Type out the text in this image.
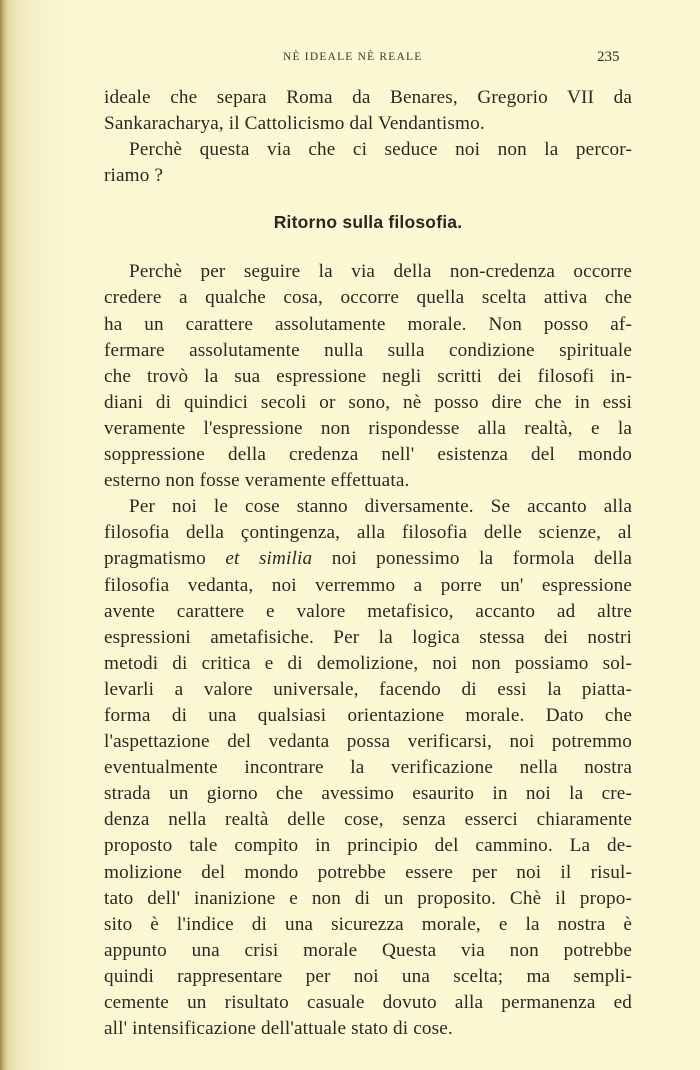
NÈ IDEALE NÈ REALE	235
ideale che separa Roma da Benares, Gregorio VII da
Sankaracharya, il Cattolicismo dal Vendantismo.
Perchè questa via che ci seduce noi non la percor-
riamo ?
Ritorno sulla filosofia.
Perchè per seguire la via della non-credenza occorre
credere a qualche cosa, occorre quella scelta attiva che
ha un carattere assolutamente morale. Non posso af-
fermare assolutamente nulla sulla condizione spirituale
che trovò la sua espressione negli scritti dei filosofi in-
diani di quindici secoli or sono, nè posso dire che in essi
veramente l'espressione non rispondesse alla realtà, e la
soppressione della credenza nell' esistenza del mondo
esterno non fosse veramente effettuata.
Per noi le cose stanno diversamente. Se accanto alla
filosofia della çontingenza, alla filosofia delle scienze, al
pragmatismo et similia noi ponessimo la formola della
filosofia vedanta, noi verremmo a porre un' espressione
avente carattere e valore metafisico, accanto ad altre
espressioni ametafisiche. Per la logica stessa dei nostri
metodi di critica e di demolizione, noi non possiamo sol-
levarli a valore universale, facendo di essi la piatta-
forma di una qualsiasi orientazione morale. Dato che
l'aspettazione del vedanta possa verificarsi, noi potremmo
eventualmente incontrare la verificazione nella nostra
strada un giorno che avessimo esaurito in noi la cre-
denza nella realtà delle cose, senza esserci chiaramente
proposto tale compito in principio del cammino. La de-
molizione del mondo potrebbe essere per noi il risul-
tato dell' inanizione e non di un proposito. Chè il propo-
sito è l'indice di una sicurezza morale, e la nostra è
appunto una crisi morale Questa via non potrebbe
quindi rappresentare per noi una scelta; ma sempli-
cemente un risultato casuale dovuto alla permanenza ed
all' intensificazione dell'attuale stato di cose.
